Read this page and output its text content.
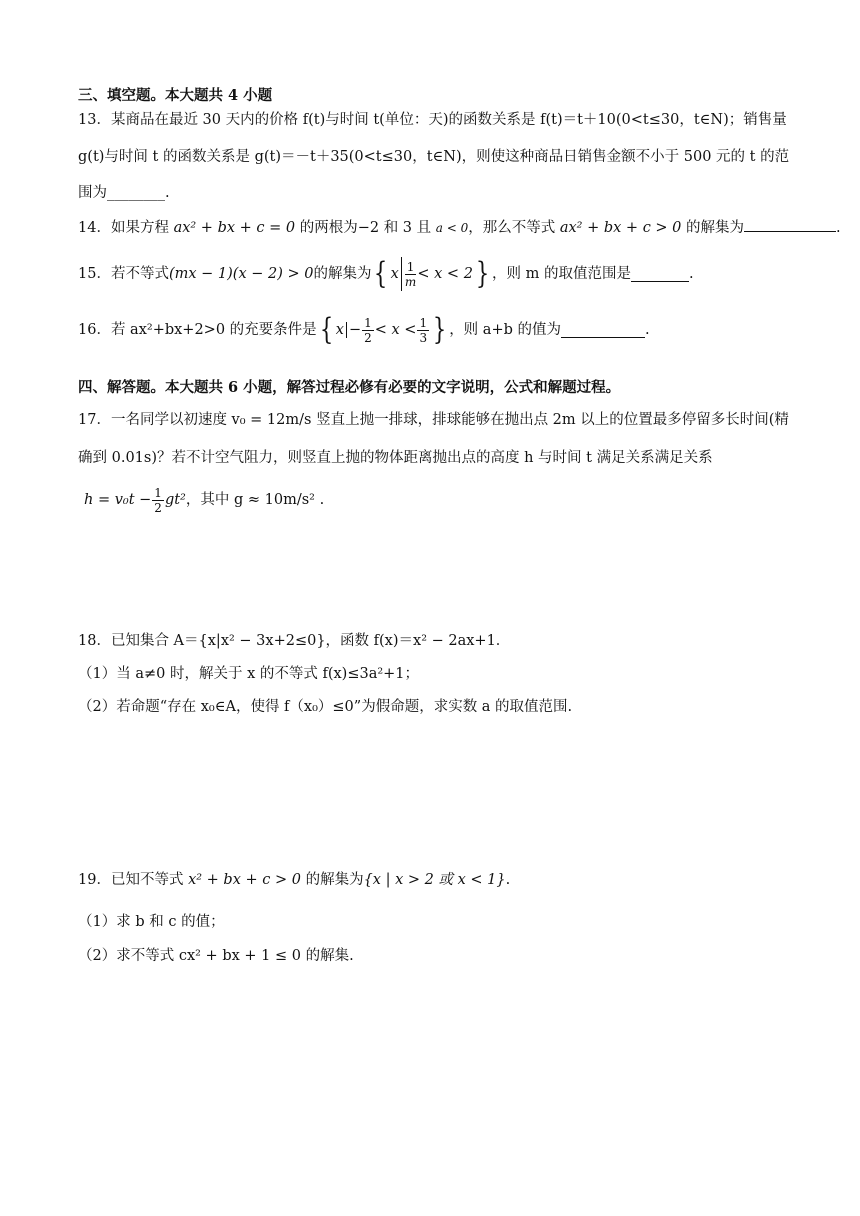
三、填空题。本大题共 4 小题
13．某商品在最近 30 天内的价格 f(t)与时间 t(单位：天)的函数关系是 f(t)＝t＋10(0<t≤30，t∈N)；销售量
g(t)与时间 t 的函数关系是 g(t)＝－t＋35(0<t≤30，t∈N)，则使这种商品日销售金额不小于 500 元的 t 的范
围为________.
14．如果方程 ax² + bx + c = 0 的两根为−2 和 3 且 a < 0，那么不等式 ax² + bx + c > 0 的解集为	.
15．若不等式 (mx − 1)(x − 2) > 0 的解集为 { x $\frac{1}{m} < x < 2$ } ，则 m 的取值范围是	.
16．若 ax²+bx+2>0 的充要条件是 { $x - \frac{1}{2} < x < \frac{1}{3}$ } ，则 a+b 的值为	.
四、解答题。本大题共 6 小题，解答过程必修有必要的文字说明，公式和解题过程。
17．一名同学以初速度 v₀ = 12m/s 竖直上抛一排球，排球能够在抛出点 2m 以上的位置最多停留多长时间(精
确到 0.01s)？若不计空气阻力，则竖直上抛的物体距离抛出点的高度 h 与时间 t 满足关系满足关系
$h = v_0t - \frac{1}{2} gt^2$ ，其中 g ≈ 10m/s² .
18．已知集合 A＝{x|x² − 3x+2≤0}，函数 f(x)＝x² − 2ax+1．
（1）当 a≠0 时，解关于 x 的不等式 f(x)≤3a²+1；
（2）若命题“存在 x₀∈A，使得 f（x₀）≤0”为假命题，求实数 a 的取值范围.
19．已知不等式 x² + bx + c > 0 的解集为{x | x > 2 或 x < 1}.
（1）求 b 和 c 的值；
（2）求不等式 cx² + bx + 1 ≤ 0 的解集.
